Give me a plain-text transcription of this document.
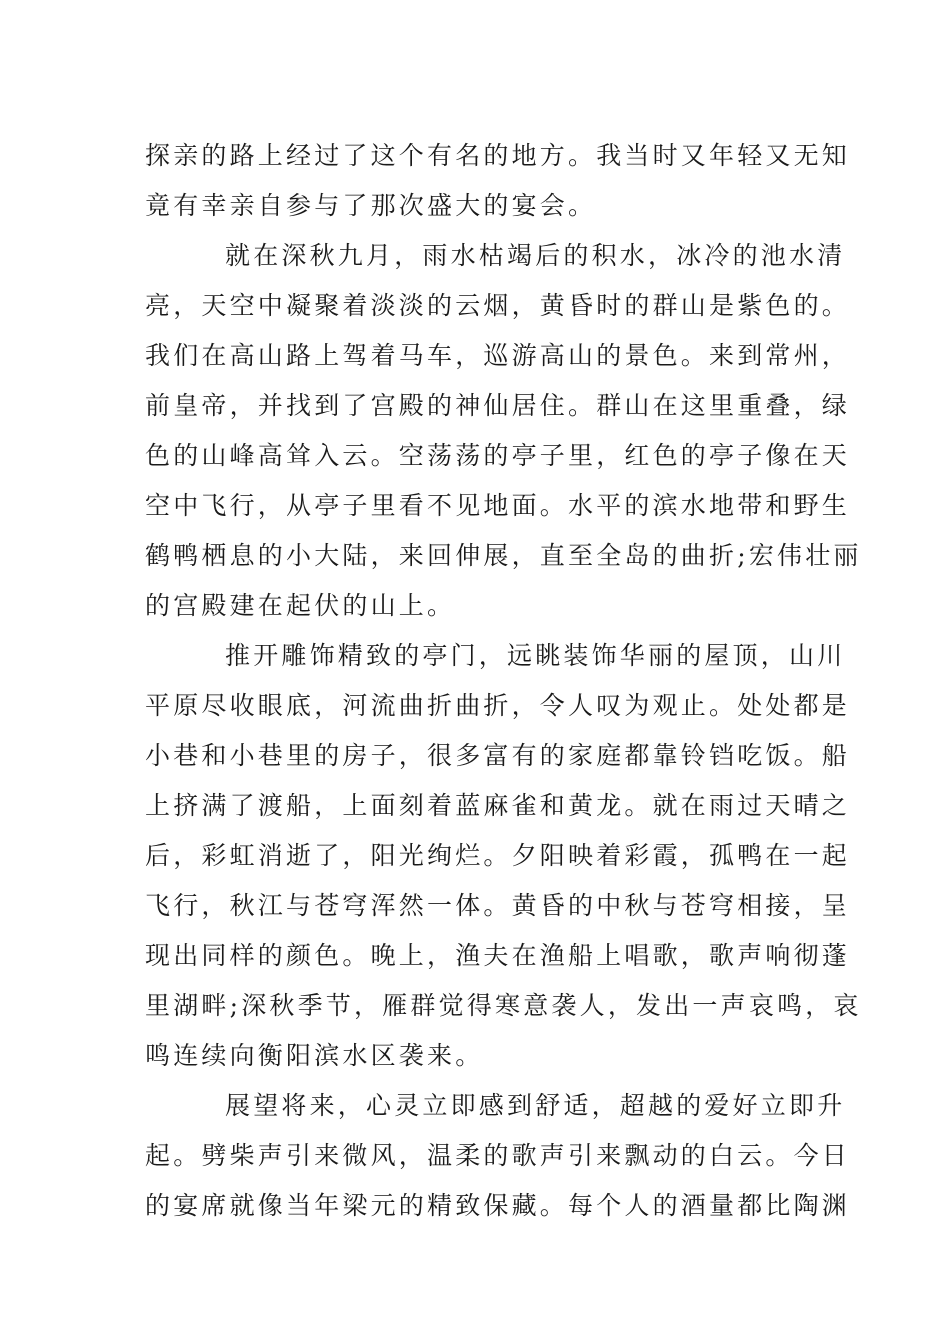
探亲的路上经过了这个有名的地方。我当时又年轻又无知
竟有幸亲自参与了那次盛大的宴会。
就在深秋九月，雨水枯竭后的积水，冰冷的池水清
亮，天空中凝聚着淡淡的云烟，黄昏时的群山是紫色的。
我们在高山路上驾着马车，巡游高山的景色。来到常州，
前皇帝，并找到了宫殿的神仙居住。群山在这里重叠，绿
色的山峰高耸入云。空荡荡的亭子里，红色的亭子像在天
空中飞行，从亭子里看不见地面。水平的滨水地带和野生
鹤鸭栖息的小大陆，来回伸展，直至全岛的曲折;宏伟壮丽
的宫殿建在起伏的山上。
推开雕饰精致的亭门，远眺装饰华丽的屋顶，山川
平原尽收眼底，河流曲折曲折，令人叹为观止。处处都是
小巷和小巷里的房子，很多富有的家庭都靠铃铛吃饭。船
上挤满了渡船，上面刻着蓝麻雀和黄龙。就在雨过天晴之
后，彩虹消逝了，阳光绚烂。夕阳映着彩霞，孤鸭在一起
飞行，秋江与苍穹浑然一体。黄昏的中秋与苍穹相接，呈
现出同样的颜色。晚上，渔夫在渔船上唱歌，歌声响彻蓬
里湖畔;深秋季节，雁群觉得寒意袭人，发出一声哀鸣，哀
鸣连续向衡阳滨水区袭来。
展望将来，心灵立即感到舒适，超越的爱好立即升
起。劈柴声引来微风，温柔的歌声引来飘动的白云。今日
的宴席就像当年梁元的精致保藏。每个人的酒量都比陶渊
